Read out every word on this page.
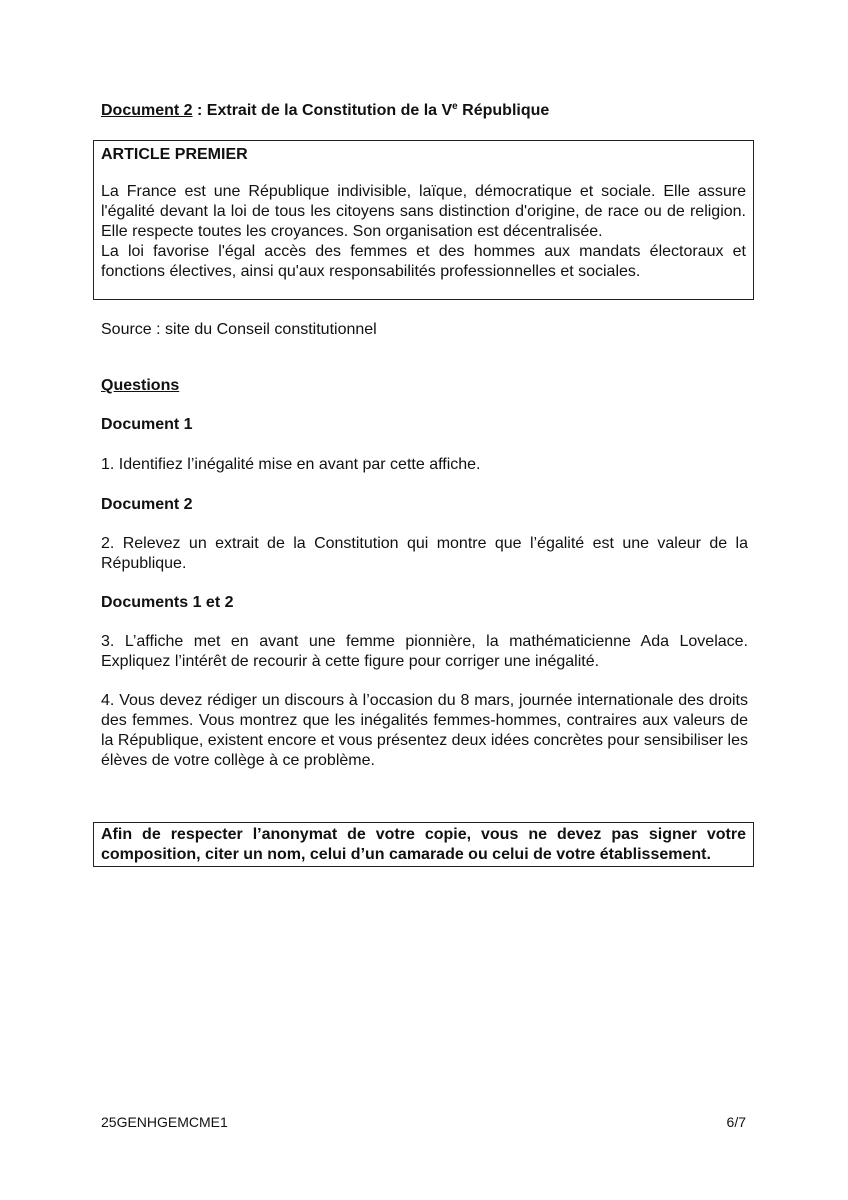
Document 2 : Extrait de la Constitution de la Ve République

ARTICLE PREMIER

La France est une République indivisible, laïque, démocratique et sociale. Elle assure l'égalité devant la loi de tous les citoyens sans distinction d'origine, de race ou de religion. Elle respecte toutes les croyances. Son organisation est décentralisée.
La loi favorise l'égal accès des femmes et des hommes aux mandats électoraux et fonctions électives, ainsi qu'aux responsabilités professionnelles et sociales.

Source : site du Conseil constitutionnel

Questions

Document 1

1. Identifiez l’inégalité mise en avant par cette affiche.

Document 2

2. Relevez un extrait de la Constitution qui montre que l’égalité est une valeur de la République.

Documents 1 et 2

3. L’affiche met en avant une femme pionnière, la mathématicienne Ada Lovelace. Expliquez l’intérêt de recourir à cette figure pour corriger une inégalité.

4. Vous devez rédiger un discours à l’occasion du 8 mars, journée internationale des droits des femmes. Vous montrez que les inégalités femmes-hommes, contraires aux valeurs de la République, existent encore et vous présentez deux idées concrètes pour sensibiliser les élèves de votre collège à ce problème.

Afin de respecter l’anonymat de votre copie, vous ne devez pas signer votre composition, citer un nom, celui d’un camarade ou celui de votre établissement.

25GENHGEMCME1	6/7
